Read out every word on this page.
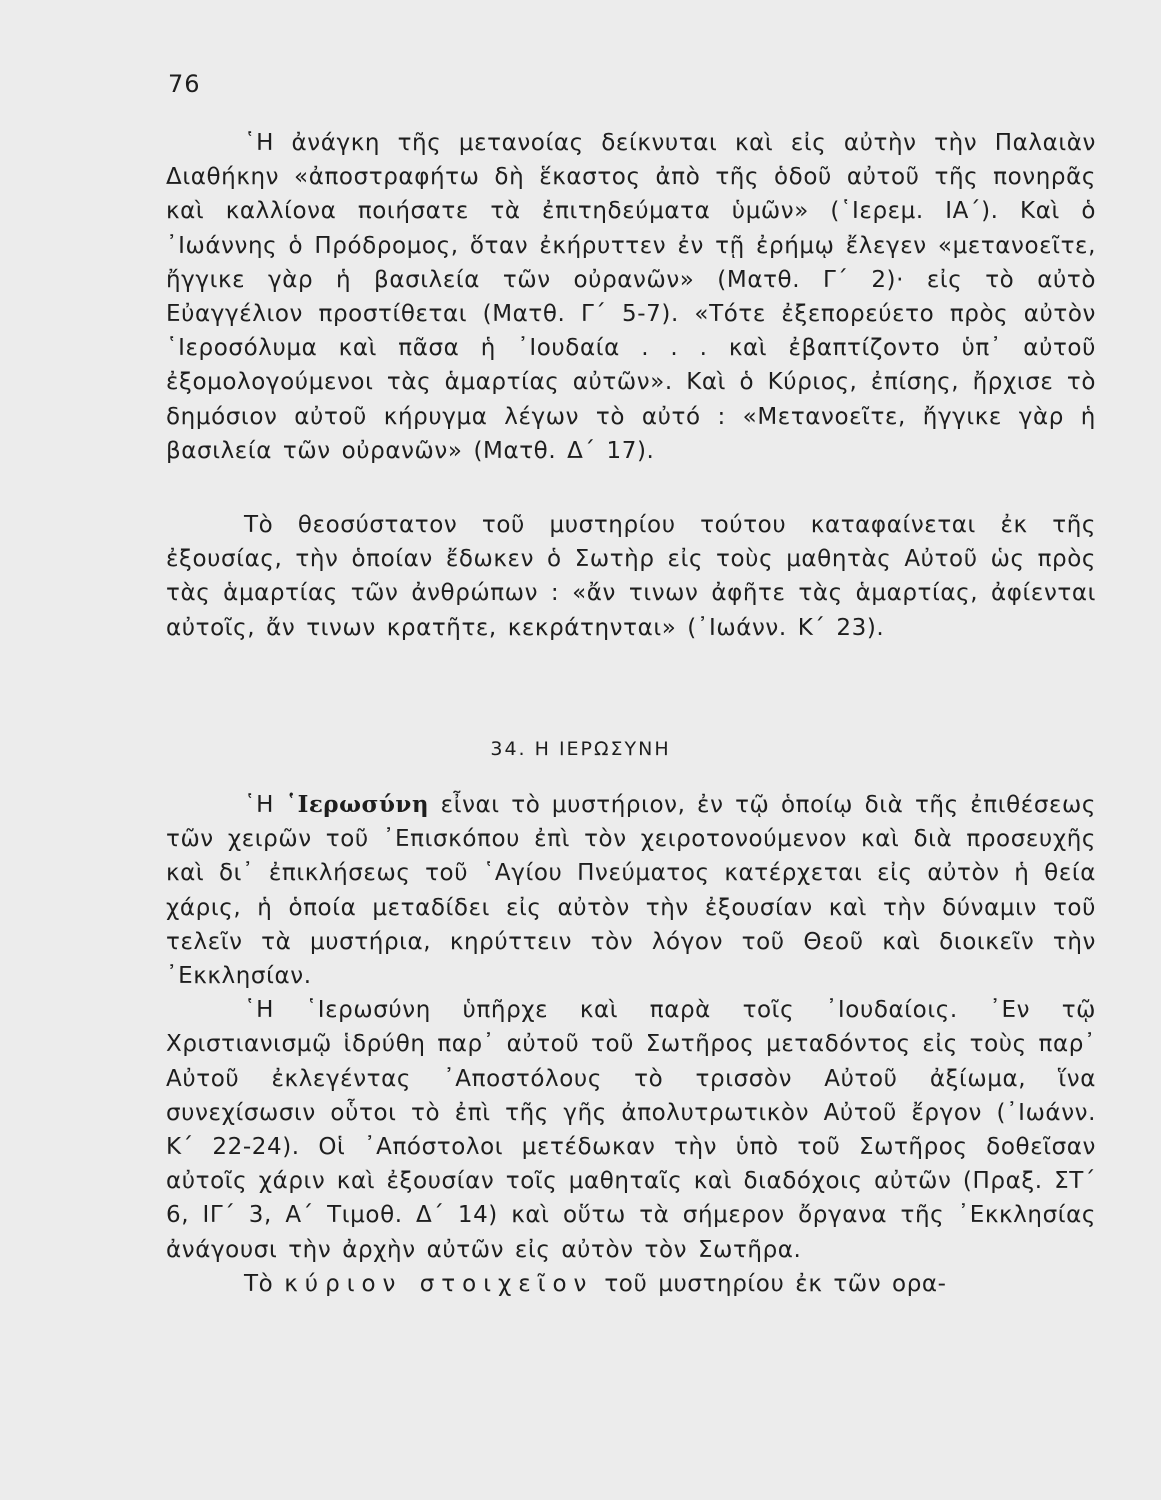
76

῾Η ἀνάγκη τῆς μετανοίας δείκνυται καὶ εἰς αὐτὴν τὴν Παλαιὰν Διαθήκην «ἀποστραφήτω δὴ ἕκαστος ἀπὸ τῆς ὁδοῦ αὐτοῦ τῆς πονηρᾶς καὶ καλλίονα ποιήσατε τὰ ἐπιτηδεύματα ὑμῶν» (῾Ιερεμ. ΙΑ΄). Καὶ ὁ ᾿Ιωάννης ὁ Πρόδρομος, ὅταν ἐκήρυττεν ἐν τῇ ἐρήμῳ ἔλεγεν «μετανοεῖτε, ἤγγικε γὰρ ἡ βασιλεία τῶν οὐρανῶν» (Ματθ. Γ΄ 2)· εἰς τὸ αὐτὸ Εὐαγγέλιον προστίθεται (Ματθ. Γ΄ 5-7). «Τότε ἐξεπορεύετο πρὸς αὐτὸν ῾Ιεροσόλυμα καὶ πᾶσα ἡ ᾿Ιουδαία . . . καὶ ἐβαπτίζοντο ὑπ᾿ αὐτοῦ ἐξομολογούμενοι τὰς ἁμαρτίας αὐτῶν». Καὶ ὁ Κύριος, ἐπίσης, ἤρχισε τὸ δημόσιον αὐτοῦ κήρυγμα λέγων τὸ αὐτό : «Μετανοεῖτε, ἤγγικε γὰρ ἡ βασιλεία τῶν οὐρανῶν» (Ματθ. Δ΄ 17).

Τὸ θεοσύστατον τοῦ μυστηρίου τούτου καταφαίνεται ἐκ τῆς ἐξουσίας, τὴν ὁποίαν ἔδωκεν ὁ Σωτὴρ εἰς τοὺς μαθητὰς Αὐτοῦ ὡς πρὸς τὰς ἁμαρτίας τῶν ἀνθρώπων : «ἄν τινων ἀφῆτε τὰς ἁμαρτίας, ἀφίενται αὐτοῖς, ἄν τινων κρατῆτε, κεκράτηνται» (᾿Ιωάνν. Κ΄ 23).

34. Η ΙΕΡΩΣΥΝΗ

῾Η ῾Ιερωσύνη εἶναι τὸ μυστήριον, ἐν τῷ ὁποίῳ διὰ τῆς ἐπιθέσεως τῶν χειρῶν τοῦ ᾿Επισκόπου ἐπὶ τὸν χειροτονούμενον καὶ διὰ προσευχῆς καὶ δι᾿ ἐπικλήσεως τοῦ ῾Αγίου Πνεύματος κατέρχεται εἰς αὐτὸν ἡ θεία χάρις, ἡ ὁποία μεταδίδει εἰς αὐτὸν τὴν ἐξουσίαν καὶ τὴν δύναμιν τοῦ τελεῖν τὰ μυστήρια, κηρύττειν τὸν λόγον τοῦ Θεοῦ καὶ διοικεῖν τὴν ᾿Εκκλησίαν.

῾Η ῾Ιερωσύνη ὑπῆρχε καὶ παρὰ τοῖς ᾿Ιουδαίοις. ᾿Εν τῷ Χριστιανισμῷ ἱδρύθη παρ᾿ αὐτοῦ τοῦ Σωτῆρος μεταδόντος εἰς τοὺς παρ᾿ Αὐτοῦ ἐκλεγέντας ᾿Αποστόλους τὸ τρισσὸν Αὐτοῦ ἀξίωμα, ἵνα συνεχίσωσιν οὗτοι τὸ ἐπὶ τῆς γῆς ἀπολυτρωτικὸν Αὐτοῦ ἔργον (᾿Ιωάνν. Κ΄ 22-24). Οἱ ᾿Απόστολοι μετέδωκαν τὴν ὑπὸ τοῦ Σωτῆρος δοθεῖσαν αὐτοῖς χάριν καὶ ἐξουσίαν τοῖς μαθηταῖς καὶ διαδόχοις αὐτῶν (Πραξ. ΣΤ΄ 6, ΙΓ΄ 3, Α΄ Τιμοθ. Δ΄ 14) καὶ οὕτω τὰ σήμερον ὄργανα τῆς ᾿Εκκλησίας ἀνάγουσι τὴν ἀρχὴν αὐτῶν εἰς αὐτὸν τὸν Σωτῆρα.

Τὸ κύριον στοιχεῖον τοῦ μυστηρίου ἐκ τῶν ορα-
